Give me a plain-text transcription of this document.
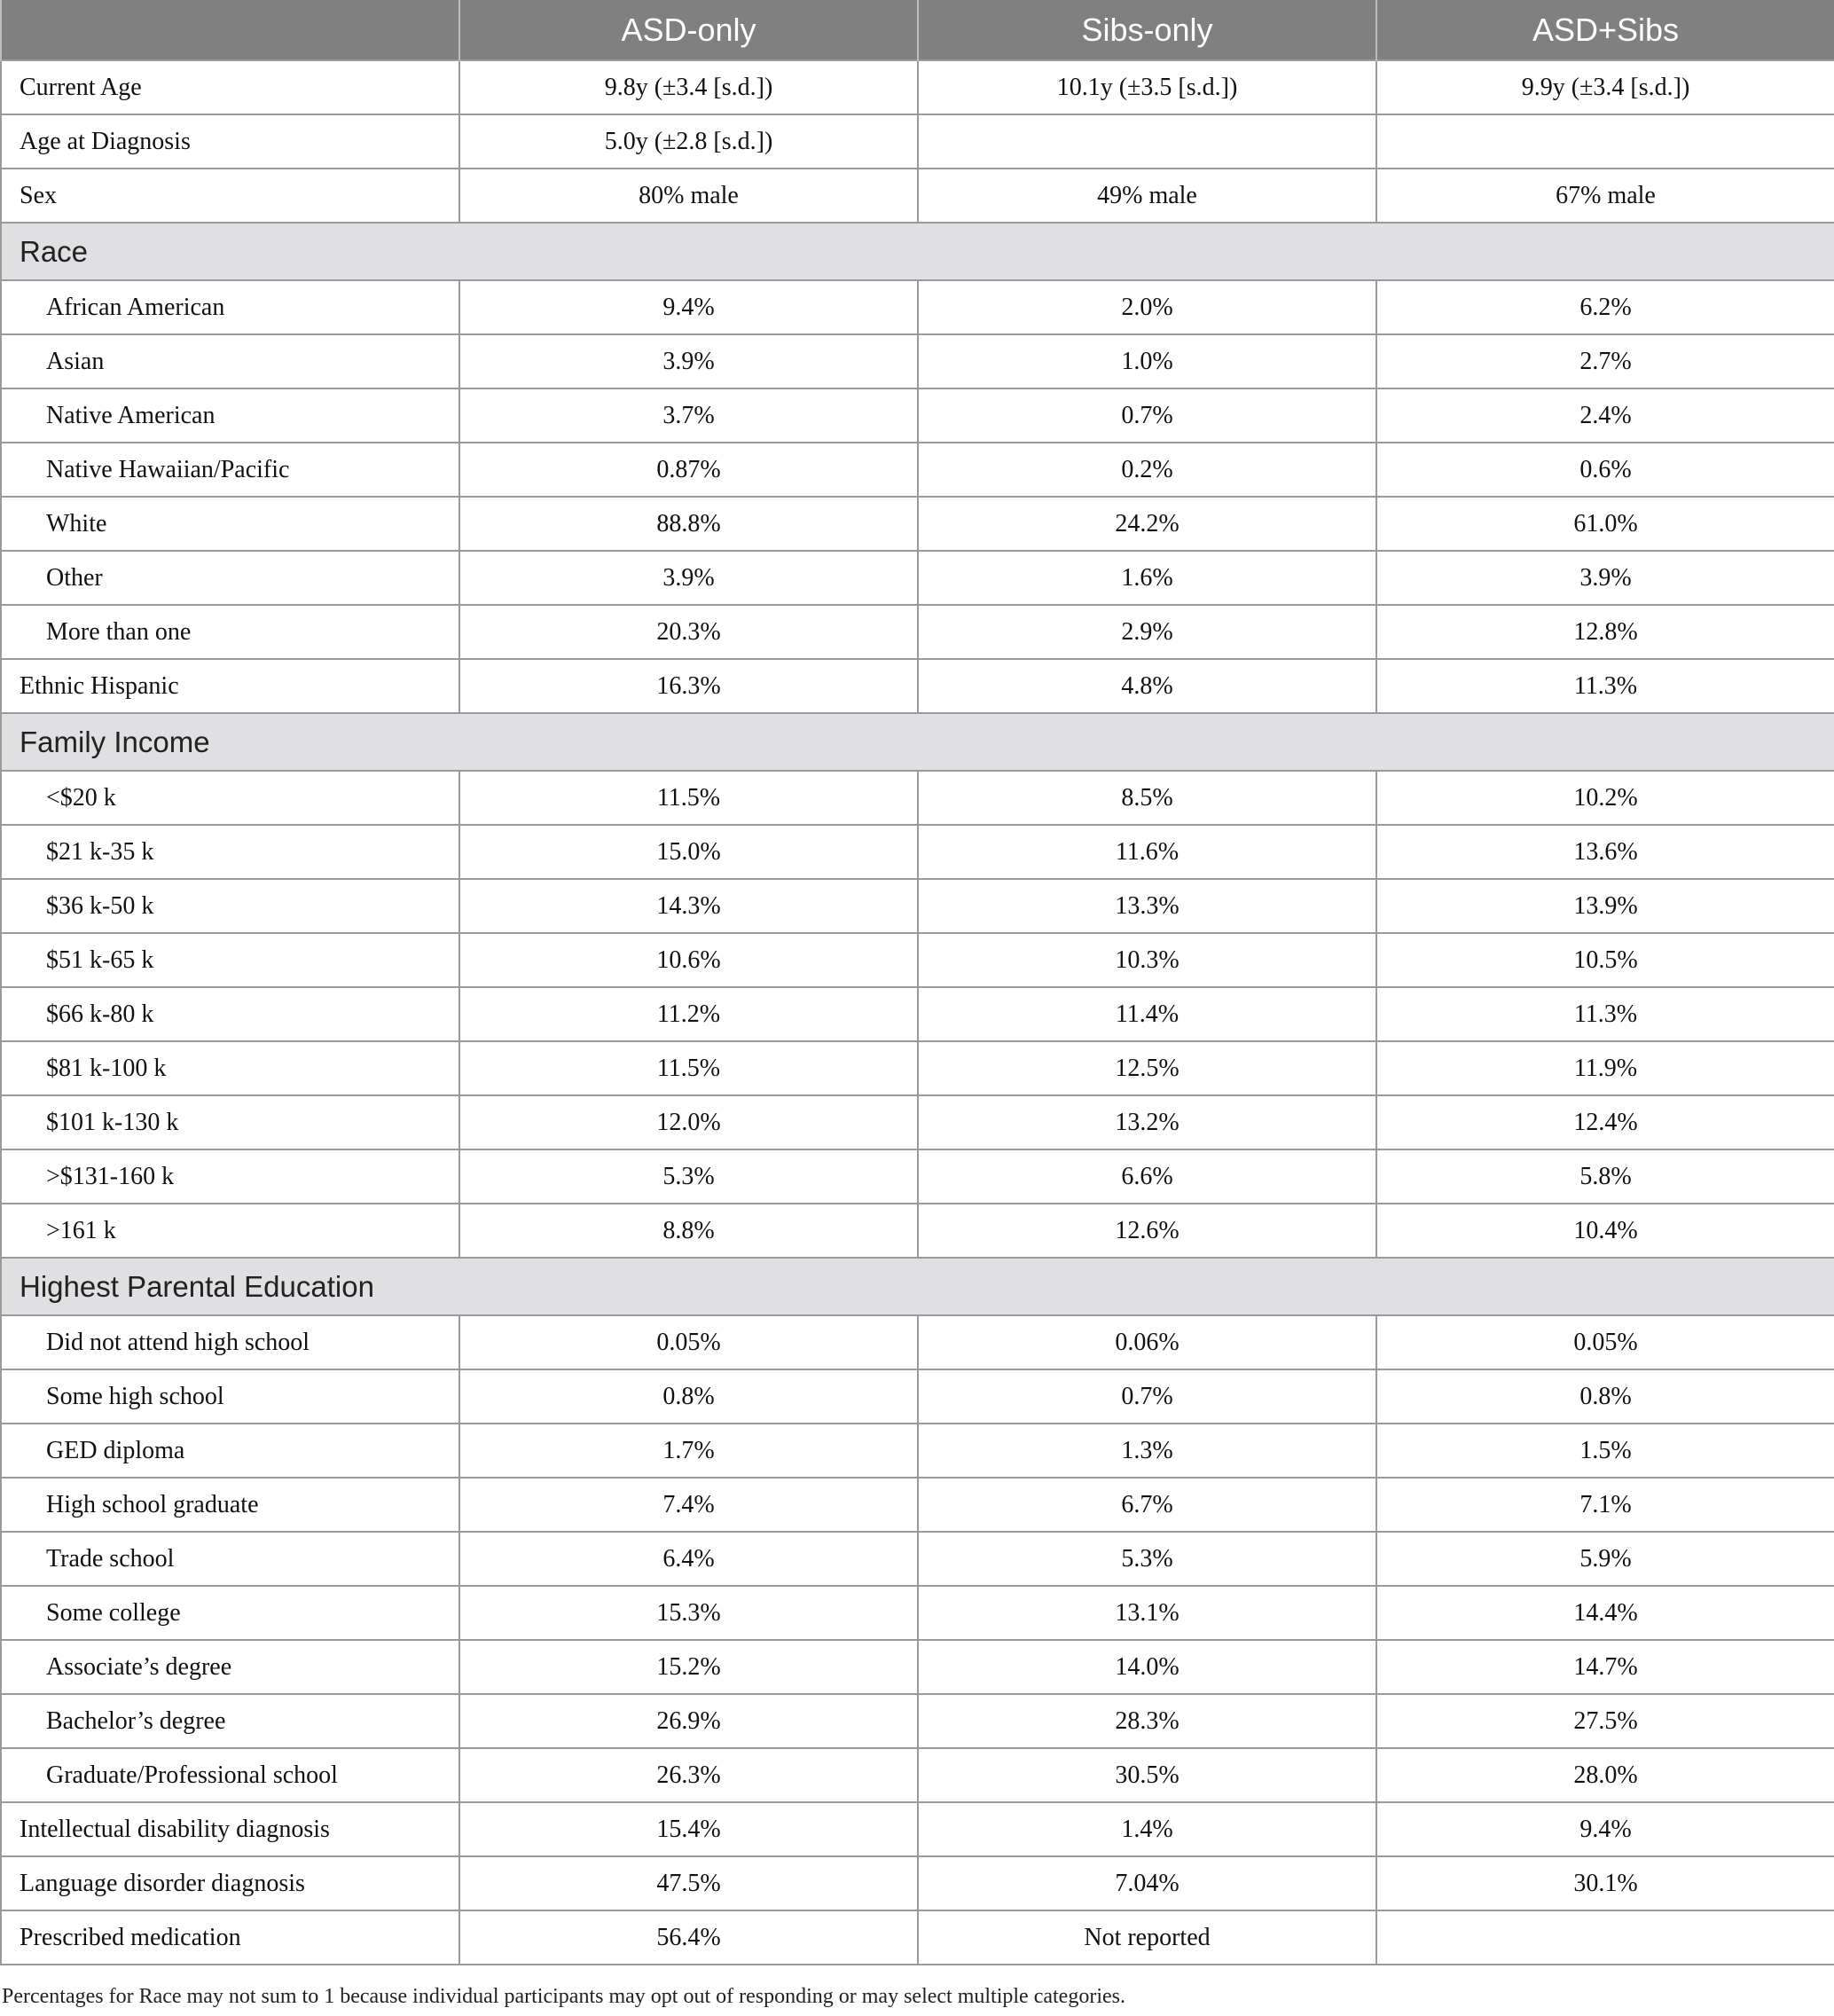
	ASD-only	Sibs-only	ASD+Sibs
Current Age	9.8y (±3.4 [s.d.])	10.1y (±3.5 [s.d.])	9.9y (±3.4 [s.d.])
Age at Diagnosis	5.0y (±2.8 [s.d.])		
Sex	80% male	49% male	67% male
Race			
African American	9.4%	2.0%	6.2%
Asian	3.9%	1.0%	2.7%
Native American	3.7%	0.7%	2.4%
Native Hawaiian/Pacific	0.87%	0.2%	0.6%
White	88.8%	24.2%	61.0%
Other	3.9%	1.6%	3.9%
More than one	20.3%	2.9%	12.8%
Ethnic Hispanic	16.3%	4.8%	11.3%
Family Income			
<$20 k	11.5%	8.5%	10.2%
$21 k-35 k	15.0%	11.6%	13.6%
$36 k-50 k	14.3%	13.3%	13.9%
$51 k-65 k	10.6%	10.3%	10.5%
$66 k-80 k	11.2%	11.4%	11.3%
$81 k-100 k	11.5%	12.5%	11.9%
$101 k-130 k	12.0%	13.2%	12.4%
>$131-160 k	5.3%	6.6%	5.8%
>161 k	8.8%	12.6%	10.4%
Highest Parental Education			
Did not attend high school	0.05%	0.06%	0.05%
Some high school	0.8%	0.7%	0.8%
GED diploma	1.7%	1.3%	1.5%
High school graduate	7.4%	6.7%	7.1%
Trade school	6.4%	5.3%	5.9%
Some college	15.3%	13.1%	14.4%
Associate’s degree	15.2%	14.0%	14.7%
Bachelor’s degree	26.9%	28.3%	27.5%
Graduate/Professional school	26.3%	30.5%	28.0%
Intellectual disability diagnosis	15.4%	1.4%	9.4%
Language disorder diagnosis	47.5%	7.04%	30.1%
Prescribed medication	56.4%	Not reported	
Percentages for Race may not sum to 1 because individual participants may opt out of responding or may select multiple categories.
